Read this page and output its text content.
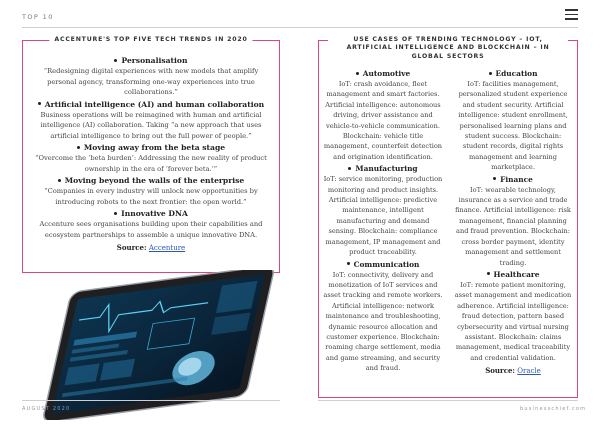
TOP 10
ACCENTURE'S TOP FIVE TECH TRENDS IN 2020
Personalisation
“Redesigning digital experiences with new models that amplify personal agency, transforming one-way experiences into true collaborations.”
Artificial intelligence (AI) and human collaboration
Business operations will be reimagined with human and artificial intelligence (AI) collaboration. Taking “a new approach that uses artificial intelligence to bring out the full power of people.”
Moving away from the beta stage
“Overcome the ‘beta burden’: Addressing the new reality of product ownership in the era of ‘forever beta.’”
Moving beyond the walls of the enterprise
“Companies in every industry will unlock new opportunities by introducing robots to the next frontier: the open world.”
Innovative DNA
Accenture sees organisations building upon their capabilities and ecosystem partnerships to assemble a unique innovative DNA.
Source: Accenture
AUGUST 2020
USE CASES OF TRENDING TECHNOLOGY – IOT, ARTIFICIAL INTELLIGENCE AND BLOCKCHAIN – IN GLOBAL SECTORS
Automotive
IoT: crash avoidance, fleet management and smart factories. Artificial intelligence: autonomous driving, driver assistance and vehicle-to-vehicle communication. Blockchain: vehicle title management, counterfeit detection and origination identification.
Manufacturing
IoT: service monitoring, production monitoring and product insights. Artificial intelligence: predictive maintenance, intelligent manufacturing and demand sensing. Blockchain: compliance management, IP management and product traceability.
Communication
IoT: connectivity, delivery and monetization of IoT services and asset tracking and remote workers. Artificial intelligence: network maintenance and troubleshooting, dynamic resource allocation and customer experience. Blockchain: roaming charge settlement, media and game streaming, and security and fraud.
Education
IoT: facilities management, personalized student experience and student security. Artificial intelligence: student enrollment, personalised learning plans and student success. Blockchain: student records, digital rights management and learning marketplace.
Finance
IoT: wearable technology, insurance as a service and trade finance. Artificial intelligence: risk management, financial planning and fraud prevention. Blockchain: cross border payment, identity management and settlement trading.
Healthcare
IoT: remote patient monitoring, asset management and medication adherence. Artificial intelligence: fraud detection, pattern based cybersecurity and virtual nursing assistant. Blockchain: claims management, medical traceability and credential validation.
Source: Oracle
businesschief.com
